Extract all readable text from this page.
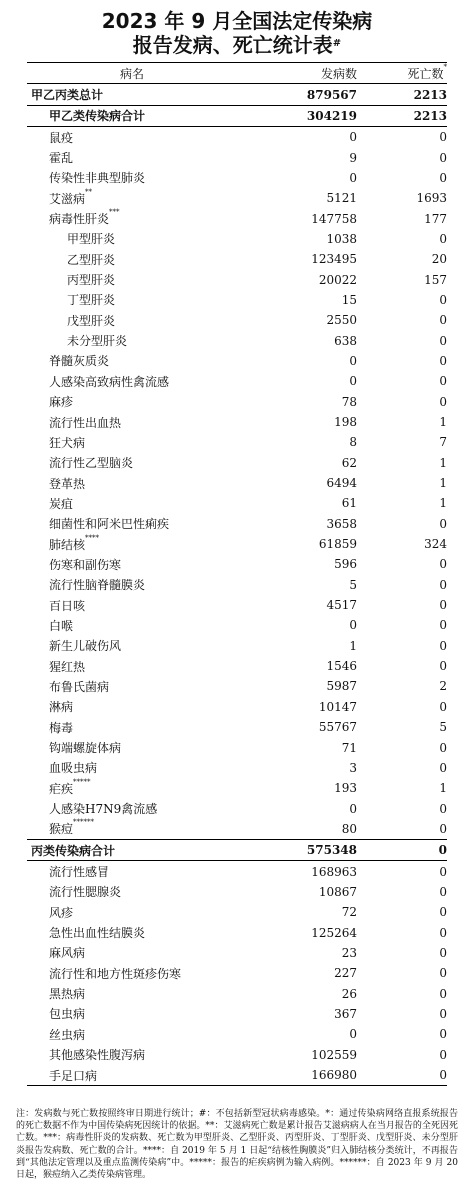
2023 年 9 月全国法定传染病
报告发病、死亡统计表#
病名	发病数	死亡数*
甲乙丙类总计	879567	2213
甲乙类传染病合计	304219	2213
鼠疫	0	0
霍乱	9	0
传染性非典型肺炎	0	0
艾滋病**	5121	1693
病毒性肝炎***	147758	177
甲型肝炎	1038	0
乙型肝炎	123495	20
丙型肝炎	20022	157
丁型肝炎	15	0
戊型肝炎	2550	0
未分型肝炎	638	0
脊髓灰质炎	0	0
人感染高致病性禽流感	0	0
麻疹	78	0
流行性出血热	198	1
狂犬病	8	7
流行性乙型脑炎	62	1
登革热	6494	1
炭疽	61	1
细菌性和阿米巴性痢疾	3658	0
肺结核****	61859	324
伤寒和副伤寒	596	0
流行性脑脊髓膜炎	5	0
百日咳	4517	0
白喉	0	0
新生儿破伤风	1	0
猩红热	1546	0
布鲁氏菌病	5987	2
淋病	10147	0
梅毒	55767	5
钩端螺旋体病	71	0
血吸虫病	3	0
疟疾*****	193	1
人感染H7N9禽流感	0	0
猴痘******	80	0
丙类传染病合计	575348	0
流行性感冒	168963	0
流行性腮腺炎	10867	0
风疹	72	0
急性出血性结膜炎	125264	0
麻风病	23	0
流行性和地方性斑疹伤寒	227	0
黑热病	26	0
包虫病	367	0
丝虫病	0	0
其他感染性腹泻病	102559	0
手足口病	166980	0
注：发病数与死亡数按照终审日期进行统计；#：不包括新型冠状病毒感染。*：通过传染病网络直报系统报告的死亡数据不作为中国传染病死因统计的依据。**：艾滋病死亡数是累计报告艾滋病病人在当月报告的全死因死亡数。***：病毒性肝炎的发病数、死亡数为甲型肝炎、乙型肝炎、丙型肝炎、丁型肝炎、戊型肝炎、未分型肝炎报告发病数、死亡数的合计。****：自 2019 年 5 月 1 日起“结核性胸膜炎”归入肺结核分类统计，不再报告到“其他法定管理以及重点监测传染病”中。*****：报告的疟疾病例为输入病例。******：自 2023 年 9 月 20 日起，猴痘纳入乙类传染病管理。
